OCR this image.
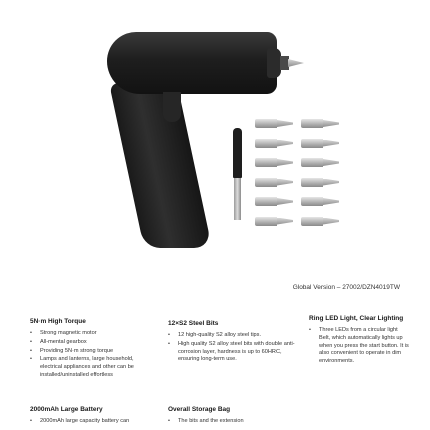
Global Version – 27002/DZN4019TW
5N·m High Torque
• Strong magnetic motor
• All-mental gearbox
• Providing 5N·m strong torque
• Lamps and lanterns, large household, electrical appliances and other can be installed/uninstalled effortless
12×S2 Steel Bits
• 12 high-quality S2 alloy steel tips.
• High quality S2 alloy steel bits with double anti-corrosion layer, hardness is up to 60HRC, ensuring long-term use.
Ring LED Light, Clear Lighting
• Three LEDs from a circular light Belt, which automatically lights up when you press the start button. It is also convenient to operate in dim environments.
2000mAh Large Battery
• 2000mAh large capacity battery can
Overall Storage Bag
• The bits and the extension
